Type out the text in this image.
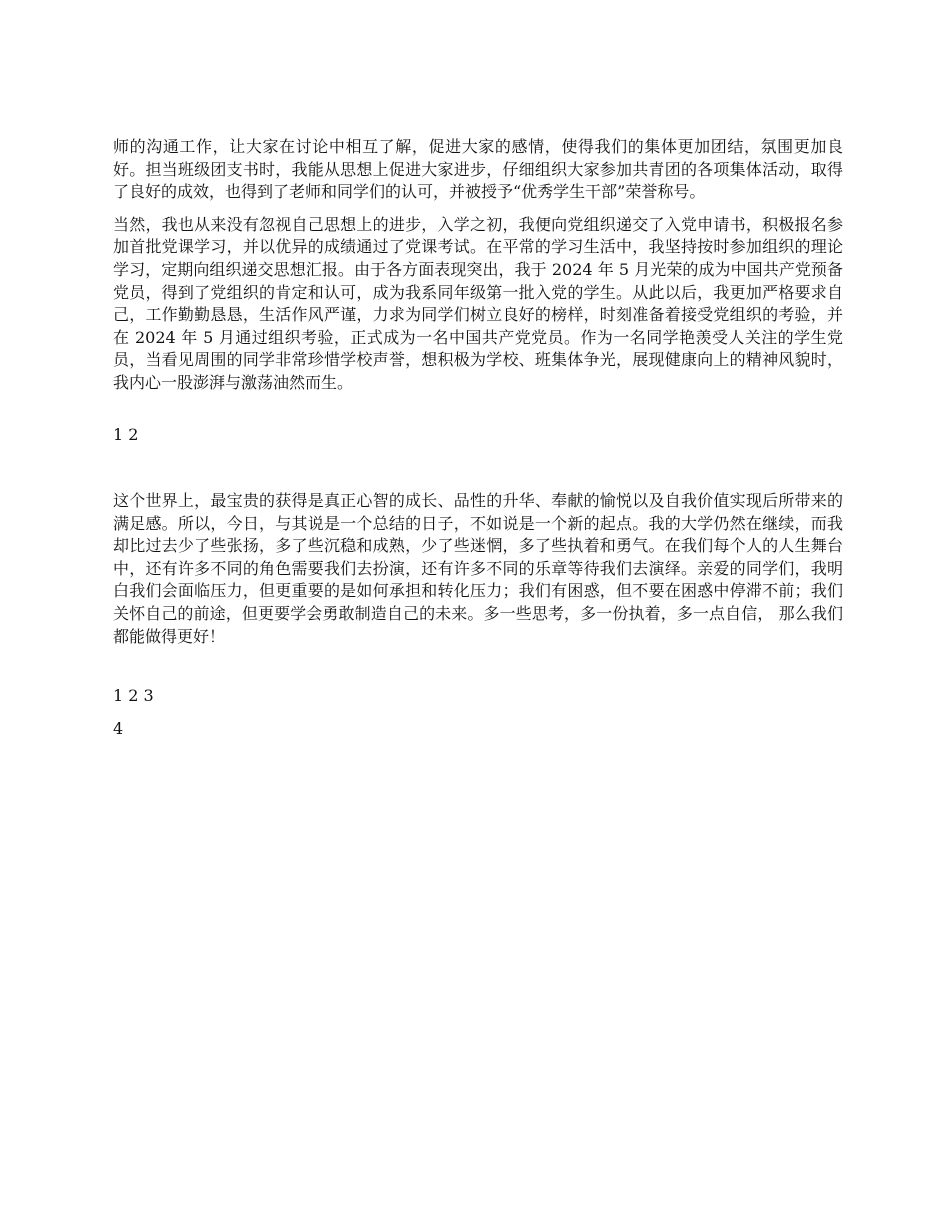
师的沟通工作，让大家在讨论中相互了解，促进大家的感情，使得我们的集体更加团结，氛围更加良好。担当班级团支书时，我能从思想上促进大家进步，仔细组织大家参加共青团的各项集体活动，取得了良好的成效，也得到了老师和同学们的认可，并被授予“优秀学生干部”荣誉称号。

当然，我也从来没有忽视自己思想上的进步，入学之初，我便向党组织递交了入党申请书，积极报名参加首批党课学习，并以优异的成绩通过了党课考试。在平常的学习生活中，我坚持按时参加组织的理论学习，定期向组织递交思想汇报。由于各方面表现突出，我于 2024 年 5 月光荣的成为中国共产党预备党员，得到了党组织的肯定和认可，成为我系同年级第一批入党的学生。从此以后，我更加严格要求自己，工作勤勤恳恳，生活作风严谨，力求为同学们树立良好的榜样，时刻准备着接受党组织的考验，并在 2024 年 5 月通过组织考验，正式成为一名中国共产党党员。作为一名同学艳羡受人关注的学生党员，当看见周围的同学非常珍惜学校声誉，想积极为学校、班集体争光，展现健康向上的精神风貌时，我内心一股澎湃与激荡油然而生。

1 2

这个世界上，最宝贵的获得是真正心智的成长、品性的升华、奉献的愉悦以及自我价值实现后所带来的满足感。所以，今日，与其说是一个总结的日子，不如说是一个新的起点。我的大学仍然在继续，而我却比过去少了些张扬，多了些沉稳和成熟，少了些迷惘，多了些执着和勇气。在我们每个人的人生舞台中，还有许多不同的角色需要我们去扮演，还有许多不同的乐章等待我们去演绎。亲爱的同学们，我明白我们会面临压力，但更重要的是如何承担和转化压力；我们有困惑，但不要在困惑中停滞不前；我们关怀自己的前途，但更要学会勇敢制造自己的未来。多一些思考，多一份执着，多一点自信， 那么我们都能做得更好！

1 2 3

4
